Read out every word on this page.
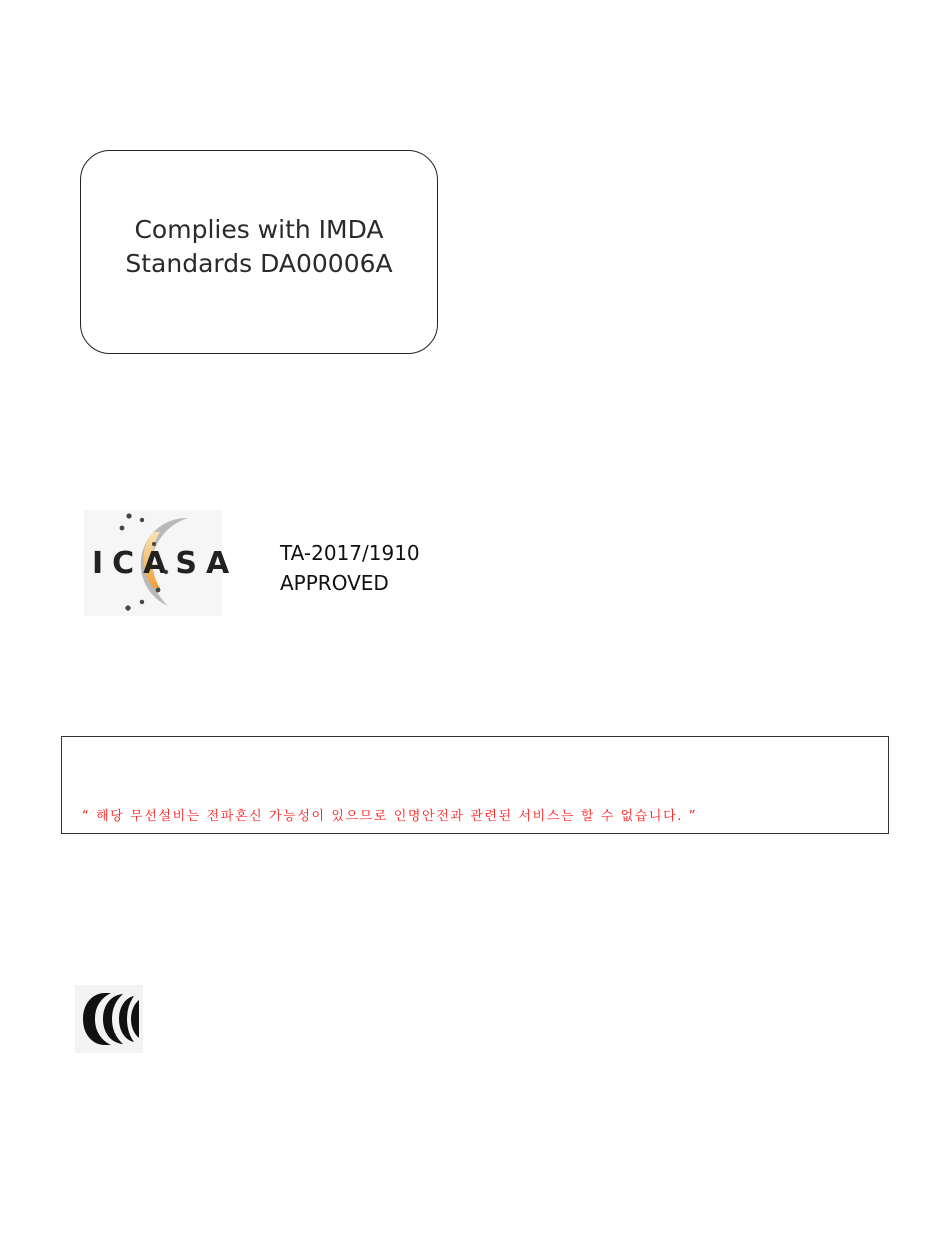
Complies with IMDA
Standards DA00006A
ICASA TA-2017/1910
APPROVED
“ 해당 무선설비는 전파혼신 가능성이 있으므로 인명안전과 관련된 서비스는 할 수 없습니다. ”
